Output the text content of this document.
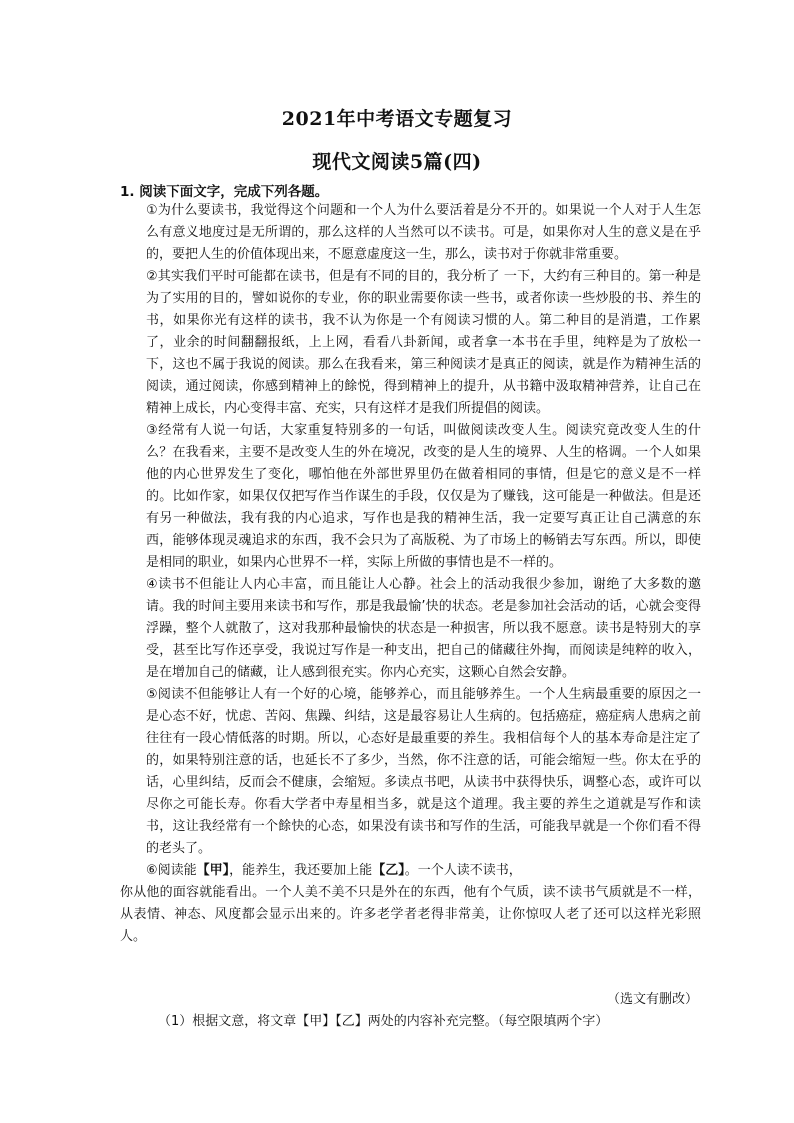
2021年中考语文专题复习
现代文阅读5篇(四)
1. 阅读下面文字，完成下列各题。

①为什么要读书，我觉得这个问题和一个人为什么要活着是分不开的。如果说一个人对于人生怎么有意义地度过是无所谓的，那么这样的人当然可以不读书。可是，如果你对人生的意义是在乎的，要把人生的价值体现出来，不愿意虚度这一生，那么，读书对于你就非常重要。

②其实我们平时可能都在读书，但是有不同的目的，我分析了 一下，大约有三种目的。第一种是为了实用的目的，譬如说你的专业，你的职业需要你读一些书，或者你读一些炒股的书、养生的书，如果你光有这样的读书，我不认为你是一个有阅读习惯的人。第二种目的是消遣，工作累了，业余的时间翻翻报纸，上上网，看看八卦新闻，或者拿一本书在手里，纯粹是为了放松一下，这也不属于我说的阅读。那么在我看来，第三种阅读才是真正的阅读，就是作为精神生活的阅读，通过阅读，你感到精神上的餘悦，得到精神上的提升，从书籍中汲取精神营养，让自己在精神上成长，内心变得丰富、充实，只有这样才是我们所提倡的阅读。

③经常有人说一句话，大家重复特别多的一句话，叫做阅读改变人生。阅读究竟改变人生的什么？在我看来，主要不是改变人生的外在境况，改变的是人生的境界、人生的格调。一个人如果他的内心世界发生了变化，哪怕他在外部世界里仍在做着相同的事情，但是它的意义是不一样的。比如作家，如果仅仅把写作当作谋生的手段，仅仅是为了赚钱，这可能是一种做法。但是还有另一种做法，我有我的内心追求，写作也是我的精神生活，我一定要写真正让自己满意的东西，能够体现灵魂追求的东西，我不会只为了高版税、为了市场上的畅销去写东西。所以，即使是相同的职业，如果内心世界不一样，实际上所做的事情也是不一样的。

④读书不但能让人内心丰富，而且能让人心静。社会上的活动我很少参加，谢绝了大多数的邀请。我的时间主要用来读书和写作，那是我最愉’快的状态。老是参加社会活动的话，心就会变得浮躁，整个人就散了，这对我那种最愉快的状态是一种损害，所以我不愿意。读书是特别大的享受，甚至比写作还享受，我说过写作是一种支出，把自己的储藏往外掏，而阅读是纯粹的收入，是在增加自己的储藏，让人感到很充实。你内心充实，这颗心自然会安静。

⑤阅读不但能够让人有一个好的心境，能够养心，而且能够养生。一个人生病最重要的原因之一是心态不好，忧虑、苦闷、焦躁、纠结，这是最容易让人生病的。包括癌症，癌症病人患病之前往往有一段心情低落的时期。所以，心态好是最重要的养生。我相信每个人的基本寿命是注定了的，如果特别注意的话，也延长不了多少，当然，你不注意的话，可能会缩短一些。你太在乎的话，心里纠结，反而会不健康，会缩短。多读点书吧，从读书中获得快乐，调整心态，或许可以尽你之可能长寿。你看大学者中寿星相当多，就是这个道理。我主要的养生之道就是写作和读书，这让我经常有一个餘快的心态，如果没有读书和写作的生活，可能我早就是一个你们看不得的老头了。

⑥阅读能【甲】，能养生，我还要加上能【乙】。一个人读不读书，

你从他的面容就能看出。一个人美不美不只是外在的东西，他有个气质，读不读书气质就是不一样，从表情、神态、风度都会显示出来的。许多老学者老得非常美，让你惊叹人老了还可以这样光彩照人。

（选文有删改）
（1）根据文意，将文章【甲】【乙】两处的内容补充完整。（每空限填两个字）
